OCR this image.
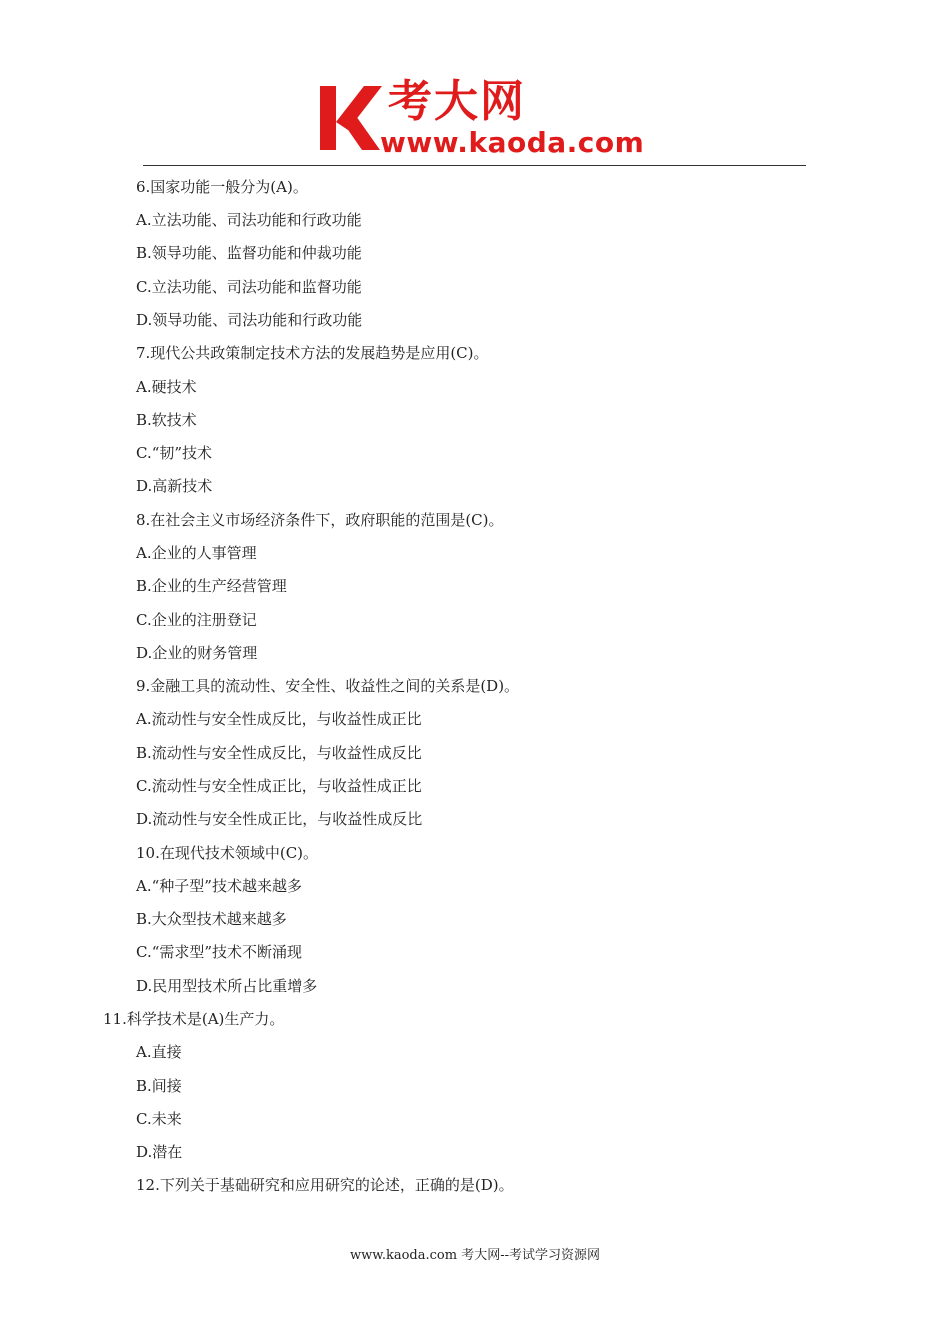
考大网
www.kaoda.com
6.国家功能一般分为(A)。
A.立法功能、司法功能和行政功能
B.领导功能、监督功能和仲裁功能
C.立法功能、司法功能和监督功能
D.领导功能、司法功能和行政功能
7.现代公共政策制定技术方法的发展趋势是应用(C)。
A.硬技术
B.软技术
C.“韧”技术
D.高新技术
8.在社会主义市场经济条件下，政府职能的范围是(C)。
A.企业的人事管理
B.企业的生产经营管理
C.企业的注册登记
D.企业的财务管理
9.金融工具的流动性、安全性、收益性之间的关系是(D)。
A.流动性与安全性成反比，与收益性成正比
B.流动性与安全性成反比，与收益性成反比
C.流动性与安全性成正比，与收益性成正比
D.流动性与安全性成正比，与收益性成反比
10.在现代技术领域中(C)。
A.“种子型”技术越来越多
B.大众型技术越来越多
C.“需求型”技术不断涌现
D.民用型技术所占比重增多
11.科学技术是(A)生产力。
A.直接
B.间接
C.未来
D.潜在
12.下列关于基础研究和应用研究的论述，正确的是(D)。
www.kaoda.com 考大网--考试学习资源网
